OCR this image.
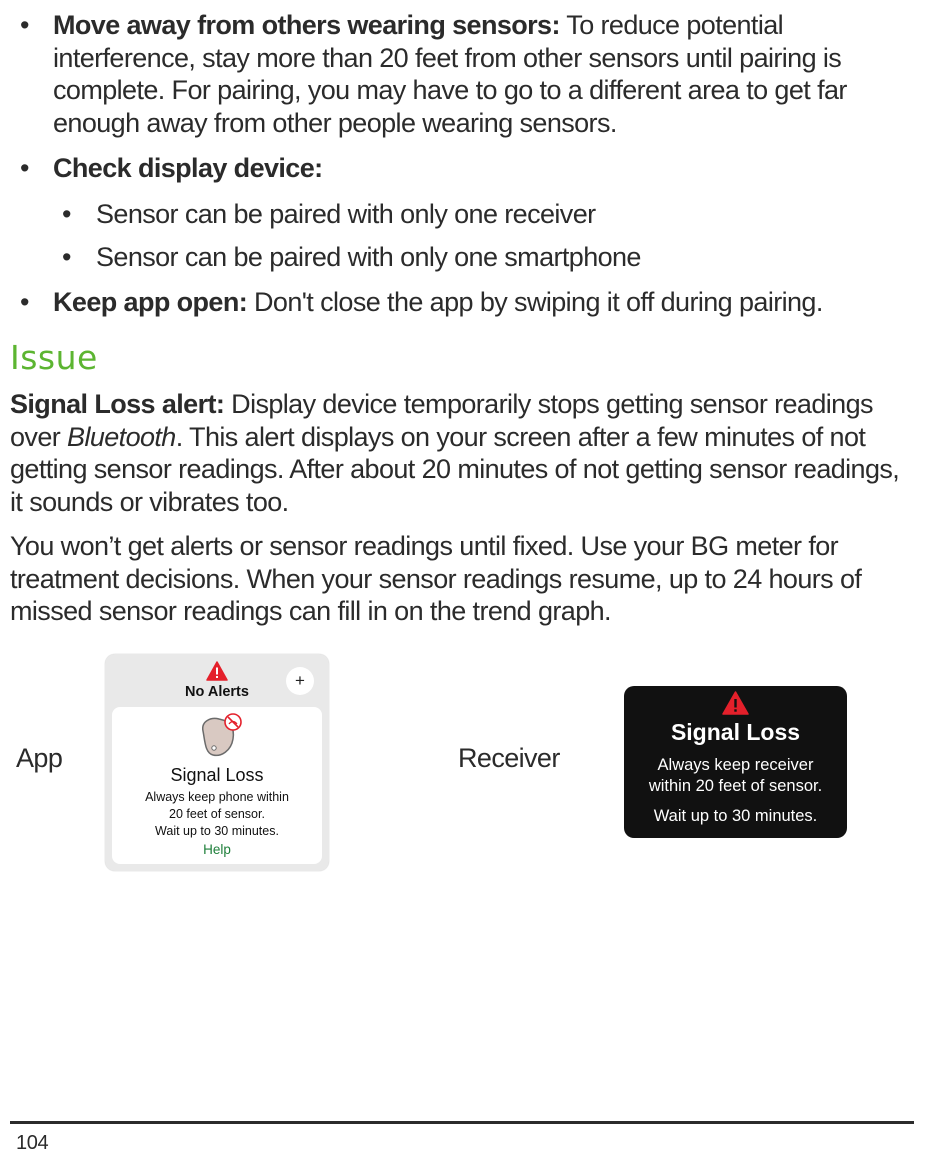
• Move away from others wearing sensors: To reduce potential interference, stay more than 20 feet from other sensors until pairing is complete. For pairing, you may have to go to a different area to get far enough away from other people wearing sensors.
• Check display device:
• Sensor can be paired with only one receiver
• Sensor can be paired with only one smartphone
• Keep app open: Don't close the app by swiping it off during pairing.
Issue
Signal Loss alert: Display device temporarily stops getting sensor readings over Bluetooth. This alert displays on your screen after a few minutes of not getting sensor readings. After about 20 minutes of not getting sensor readings, it sounds or vibrates too.
You won’t get alerts or sensor readings until fixed. Use your BG meter for treatment decisions. When your sensor readings resume, up to 24 hours of missed sensor readings can fill in on the trend graph.
App
No Alerts
+
Signal Loss
Always keep phone within
20 feet of sensor.
Wait up to 30 minutes.
Help
Receiver
Signal Loss
Always keep receiver
within 20 feet of sensor.
Wait up to 30 minutes.
104
